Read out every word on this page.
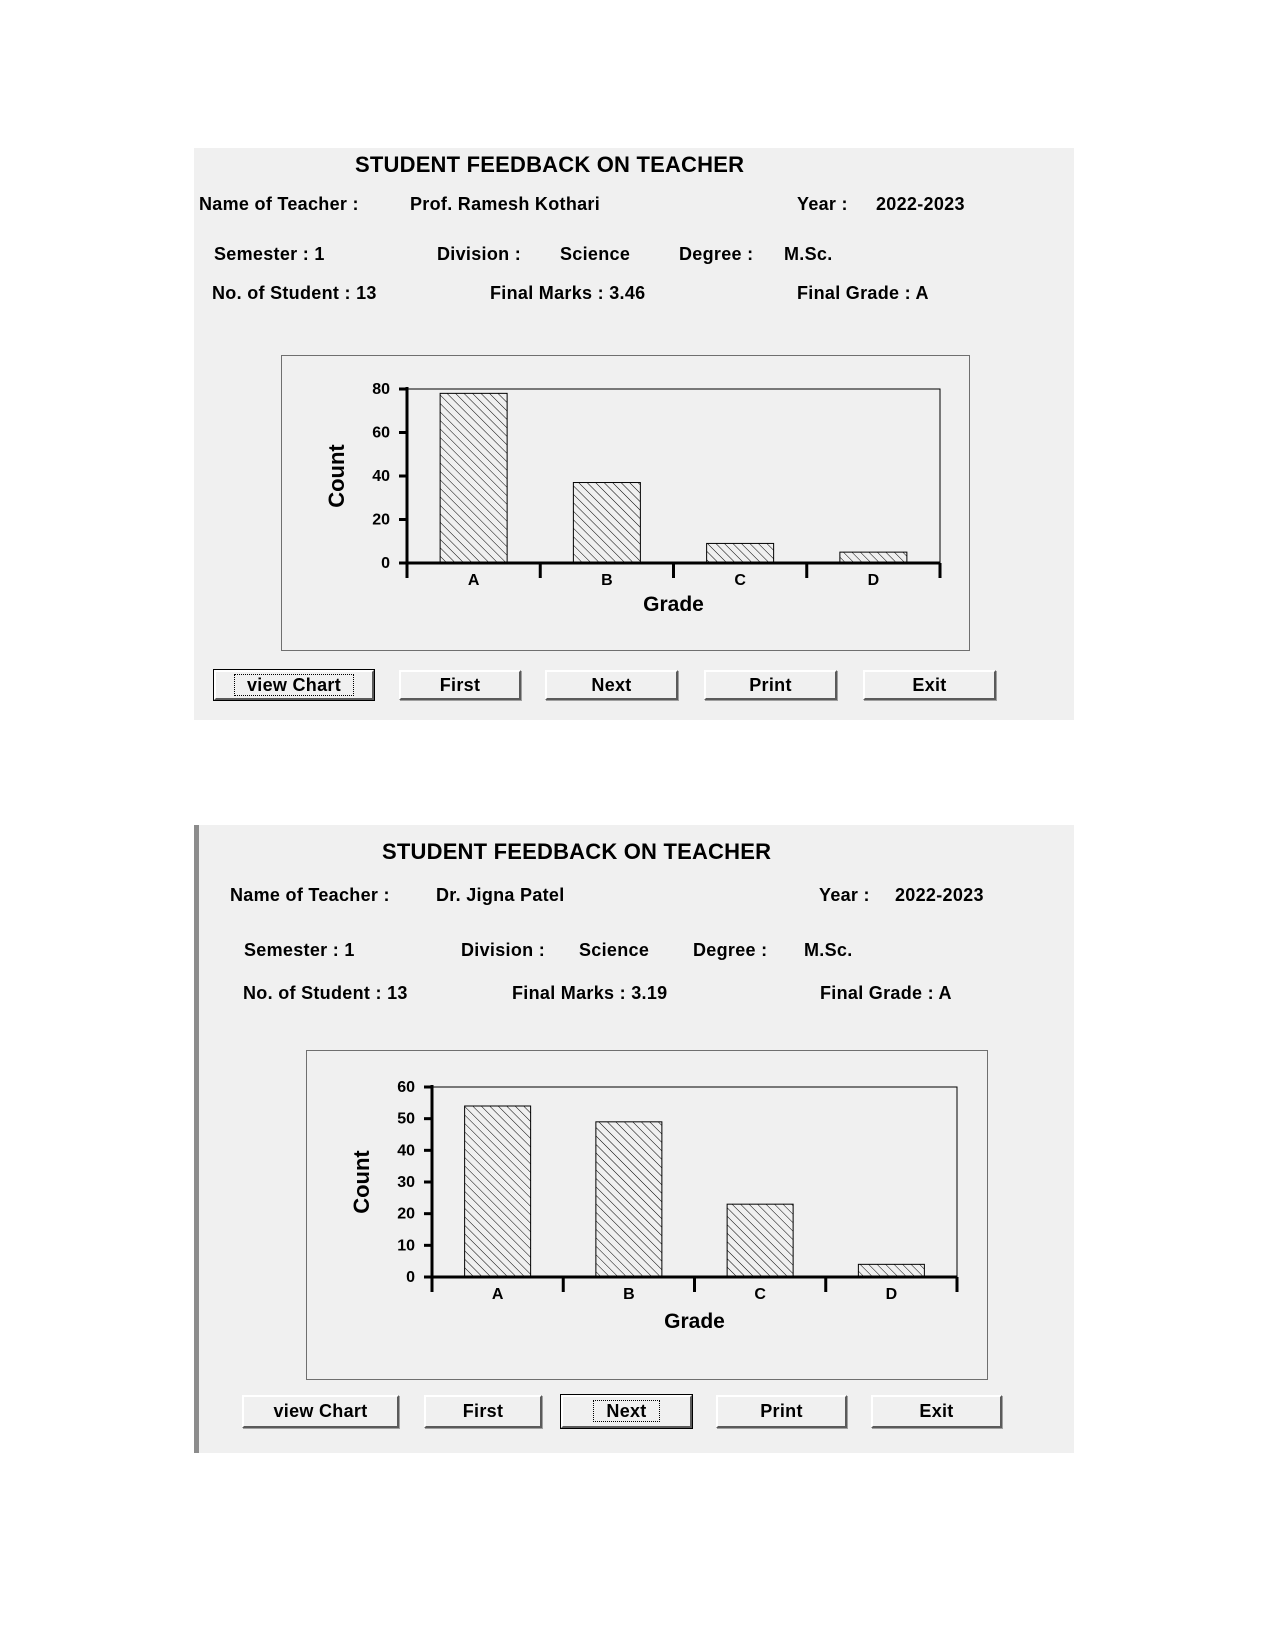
STUDENT FEEDBACK ON TEACHER
Name of Teacher :	Prof. Ramesh Kothari	Year : 2022-2023
Semester : 1	Division : Science	Degree : M.Sc.
No. of Student : 13	Final Marks : 3.46	Final Grade : A
A	B	C	D
0
20
40
60
80
Grade
Count
view Chart	First	Next	Print	Exit
STUDENT FEEDBACK ON TEACHER
Name of Teacher :	Dr. Jigna Patel	Year : 2022-2023
Semester : 1	Division : Science Degree : M.Sc.
No. of Student : 13	Final Marks : 3.19	Final Grade : A
A	B	C	D
0
10
20
30
40
50
60
Grade
Count
view Chart	First	Next	Print	Exit
